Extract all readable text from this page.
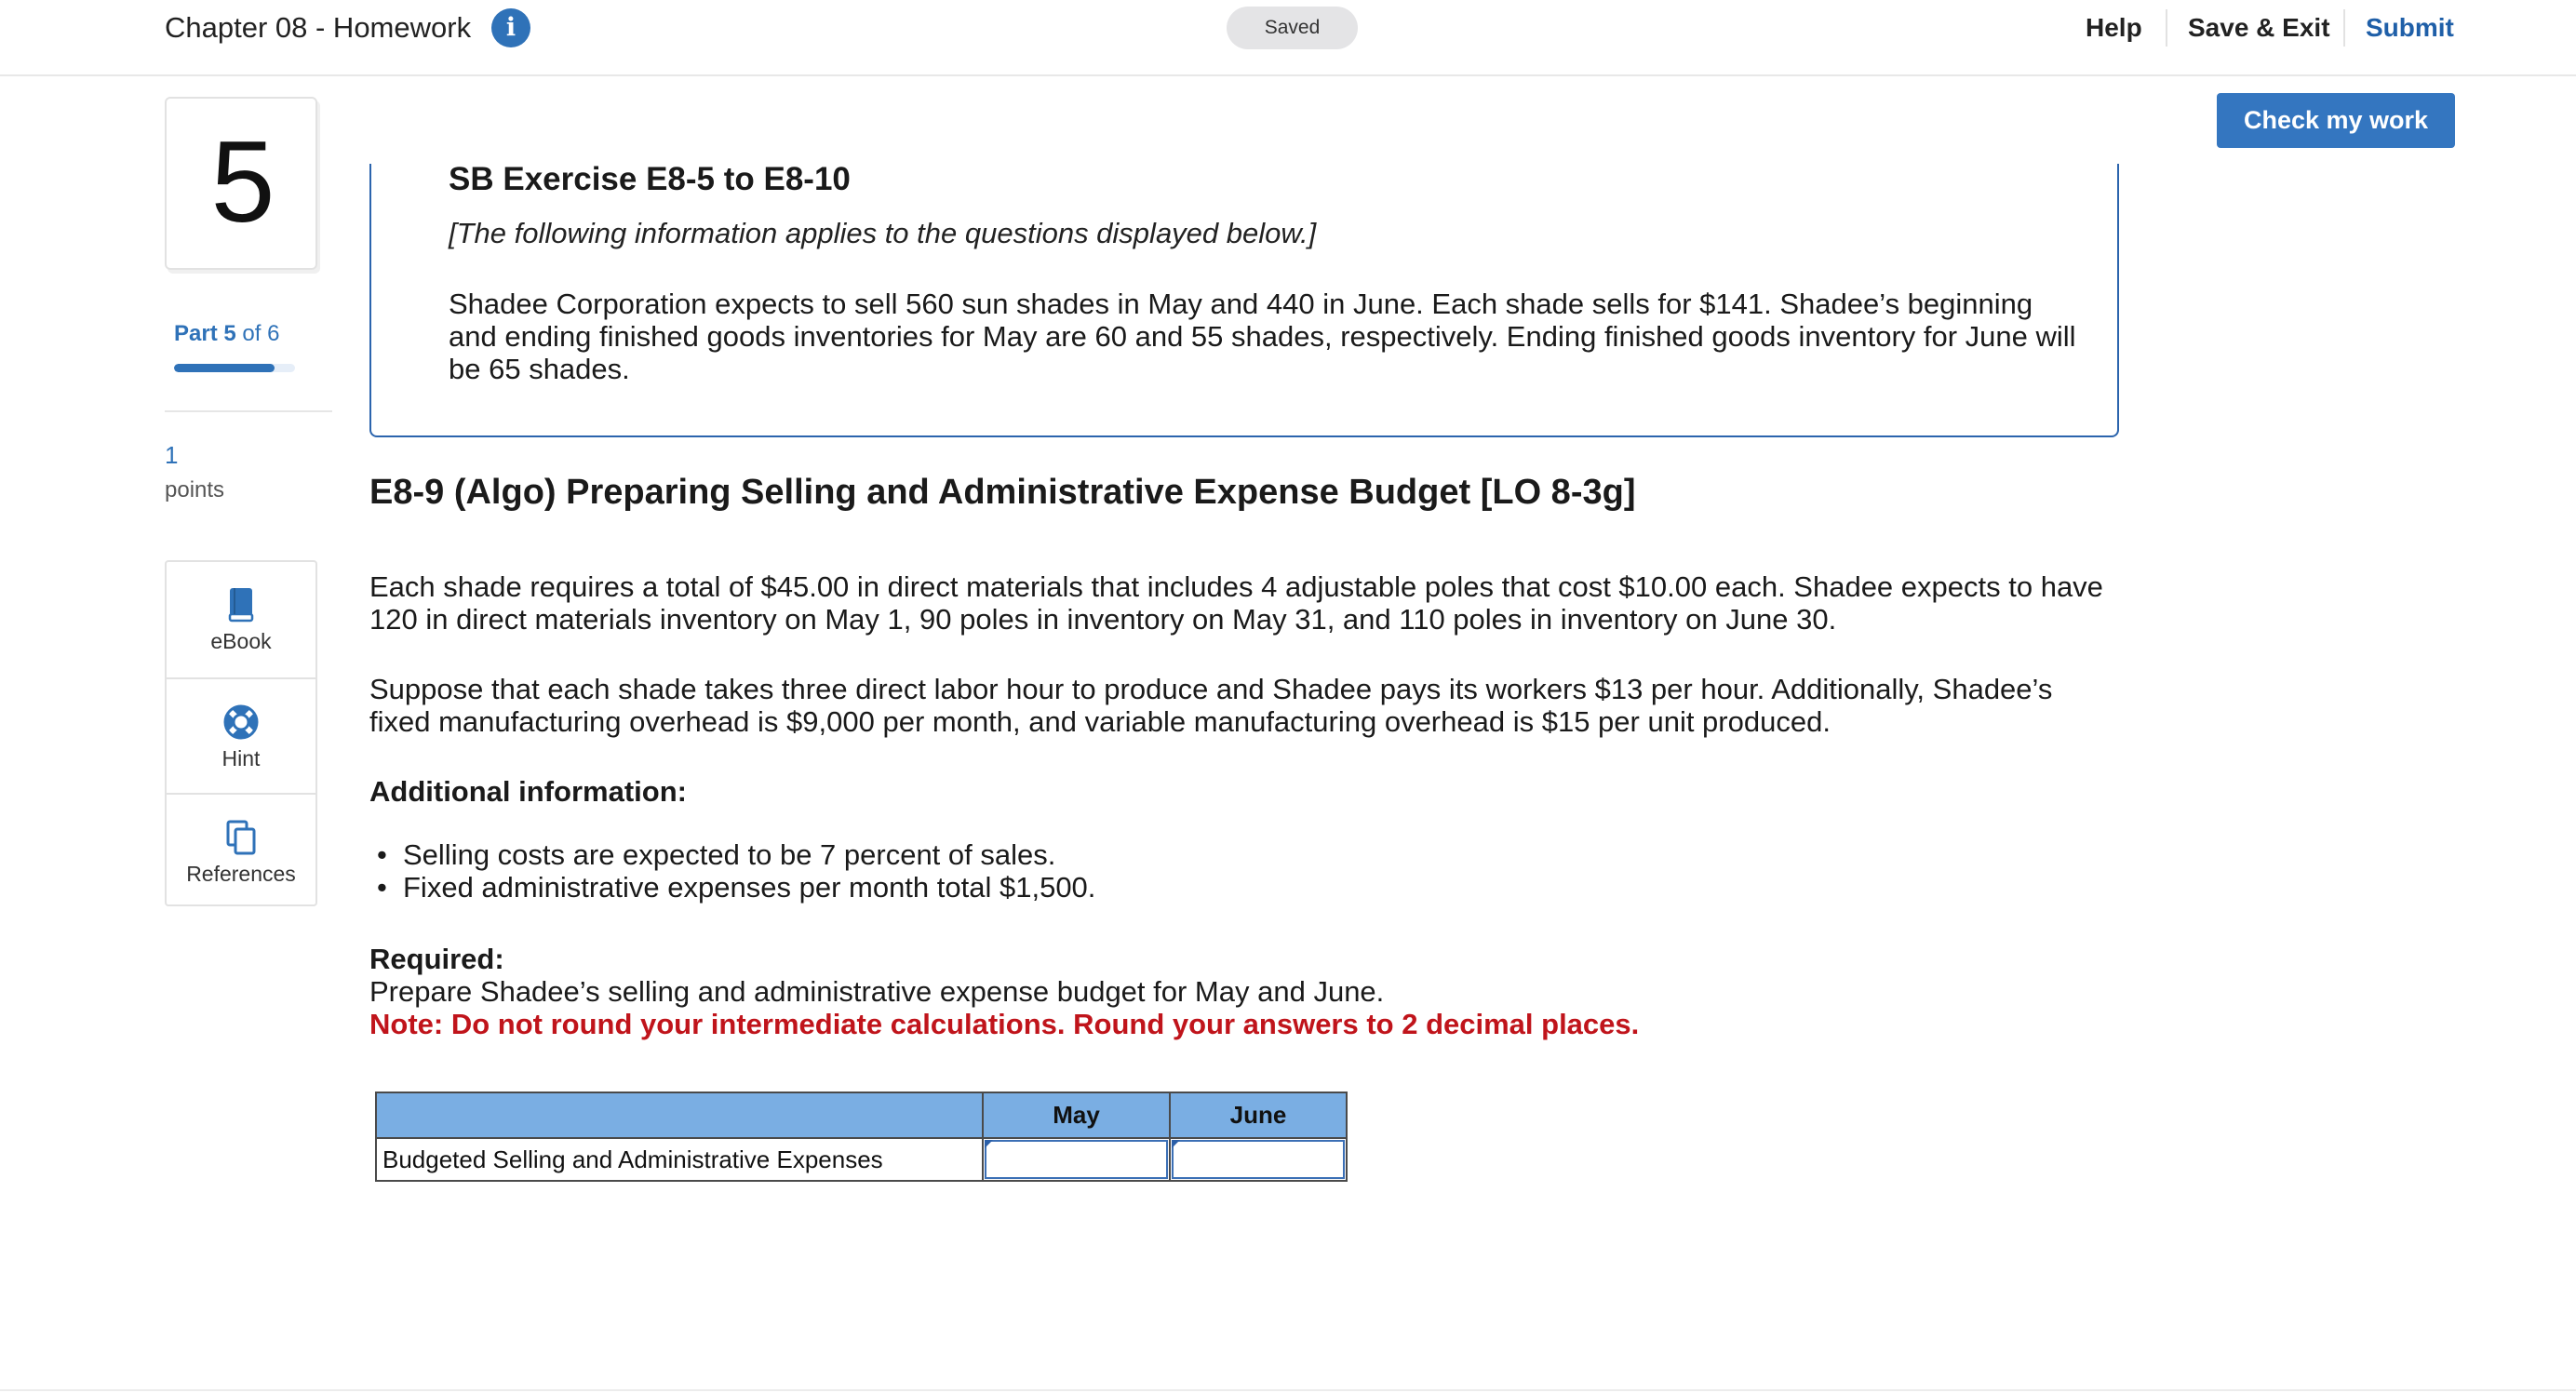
Chapter 08 - Homework	i	Saved	Help Save & Exit Submit
Check my work
5
Part 5 of 6
1
points
eBook
Hint
References
SB Exercise E8-5 to E8-10
[The following information applies to the questions displayed below.]
Shadee Corporation expects to sell 560 sun shades in May and 440 in June. Each shade sells for $141. Shadee’s beginning and ending finished goods inventories for May are 60 and 55 shades, respectively. Ending finished goods inventory for June will be 65 shades.
E8-9 (Algo) Preparing Selling and Administrative Expense Budget [LO 8-3g]
Each shade requires a total of $45.00 in direct materials that includes 4 adjustable poles that cost $10.00 each. Shadee expects to have 120 in direct materials inventory on May 1, 90 poles in inventory on May 31, and 110 poles in inventory on June 30.
Suppose that each shade takes three direct labor hour to produce and Shadee pays its workers $13 per hour. Additionally, Shadee’s fixed manufacturing overhead is $9,000 per month, and variable manufacturing overhead is $15 per unit produced.
Additional information:
• Selling costs are expected to be 7 percent of sales.
• Fixed administrative expenses per month total $1,500.
Required:
Prepare Shadee’s selling and administrative expense budget for May and June.
Note: Do not round your intermediate calculations. Round your answers to 2 decimal places.
	May	June
Budgeted Selling and Administrative Expenses	
